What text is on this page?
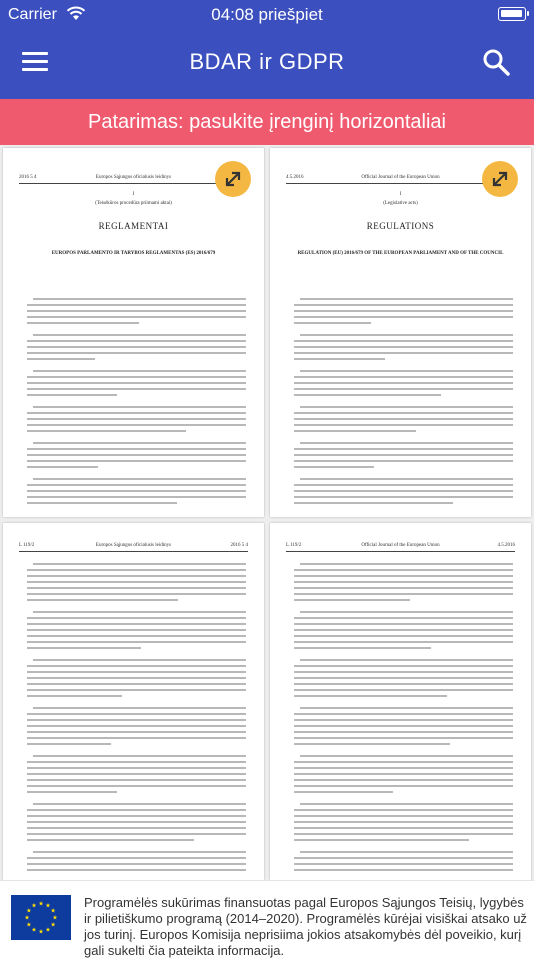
Carrier	04:08 priešpiet
BDAR ir GDPR
Patarimas: pasukite įrenginį horizontaliai
2016 5 4	Europos Sąjungos oficialusis leidinys
I
(Teisėkūros procedūra priimami aktai)
REGLAMENTAI
EUROPOS PARLAMENTO IR TARYBOS REGLAMENTAS (ES) 2016/679
4.5.2016	Official Journal of the European Union
I
(Legislative acts)
REGULATIONS
REGULATION (EU) 2016/679 OF THE EUROPEAN PARLIAMENT AND OF THE COUNCIL
L 119/2	Europos Sąjungos oficialusis leidinys	2016 5 4	L 119/2	Official Journal of the European Union	4.5.2016
Programėlės sukūrimas finansuotas pagal Europos Sąjungos Teisių, lygybės ir pilietiškumo programą (2014–2020). Programėlės kūrėjai visiškai atsako už jos turinį. Europos Komisija neprisiima jokios atsakomybės dėl poveikio, kurį gali sukelti čia pateikta informacija.
